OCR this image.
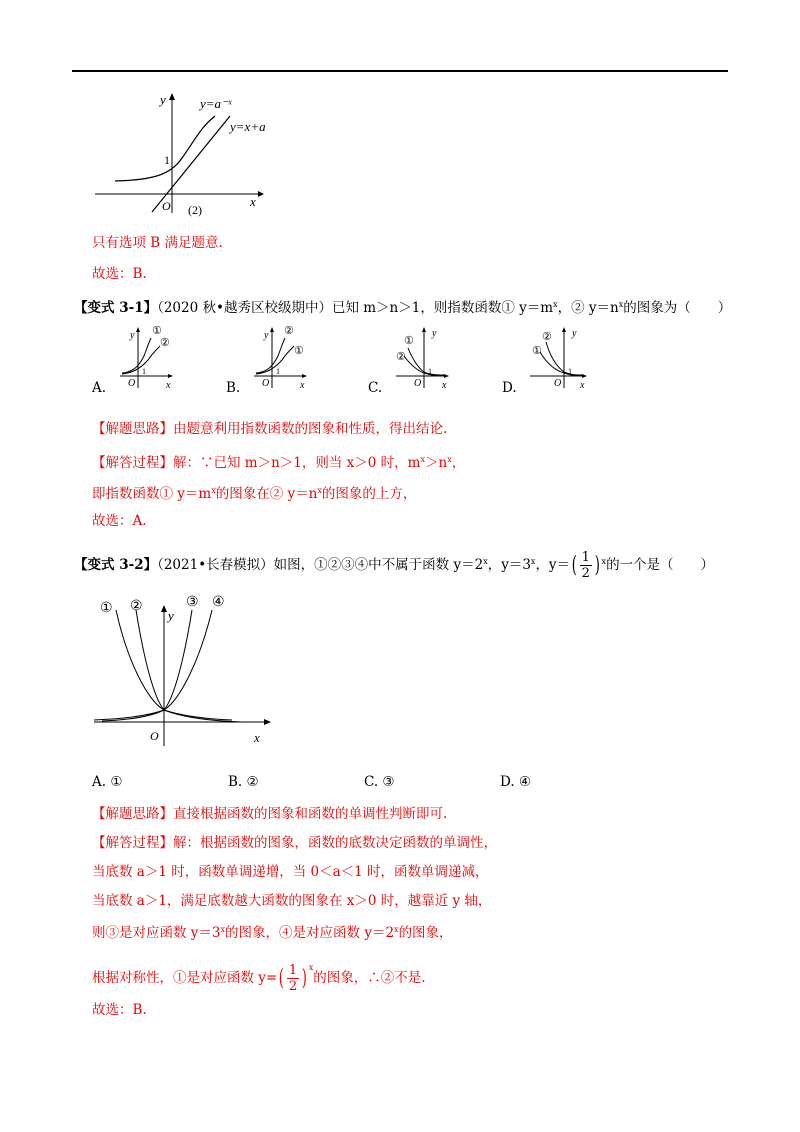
y
x
O
1
y=a⁻ˣ
y=x+a
(2)
只有选项 B 满足题意.
故选：B.
【变式 3-1】（2020 秋•越秀区校级期中）已知 m＞n＞1，则指数函数① $y=m^x$，② $y=n^x$的图象为（　　）
A.
y ①
②
O
1
x	B.
y ②
①
O
1
x	C.
y
①
②
O
1
x	D.
y
②
①
O
1
x
【解题思路】由题意利用指数函数的图象和性质，得出结论.
【解答过程】解：∵已知 m＞n＞1，则当 x＞0 时，$m^x>n^x$，
即指数函数① $y=m^x$的图象在② $y=n^x$的图象的上方，
故选：A.
【变式 3-2】（2021•长春模拟）如图，①②③④中不属于函数 $y=2^x$，$y=3^x$，y＝ ( $\frac{1}{2}$ ) $^x$的一个是（　　）
① ②	③ ④
y
x
O
A. ①	B. ②	C. ③	D. ④
【解题思路】直接根据函数的图象和函数的单调性判断即可.
【解答过程】解：根据函数的图象，函数的底数决定函数的单调性，
当底数 a＞1 时，函数单调递增，当 0＜a＜1 时，函数单调递减，
当底数 a＞1，满足底数越大函数的图象在 x＞0 时，越靠近 y 轴，
则③是对应函数 $y=3^x$的图象，④是对应函数 $y=2^x$的图象，
根据对称性，①是对应函数 y= ( $\frac{1}{2}$ ) $^x$的图象，∴②不是.
故选：B.
